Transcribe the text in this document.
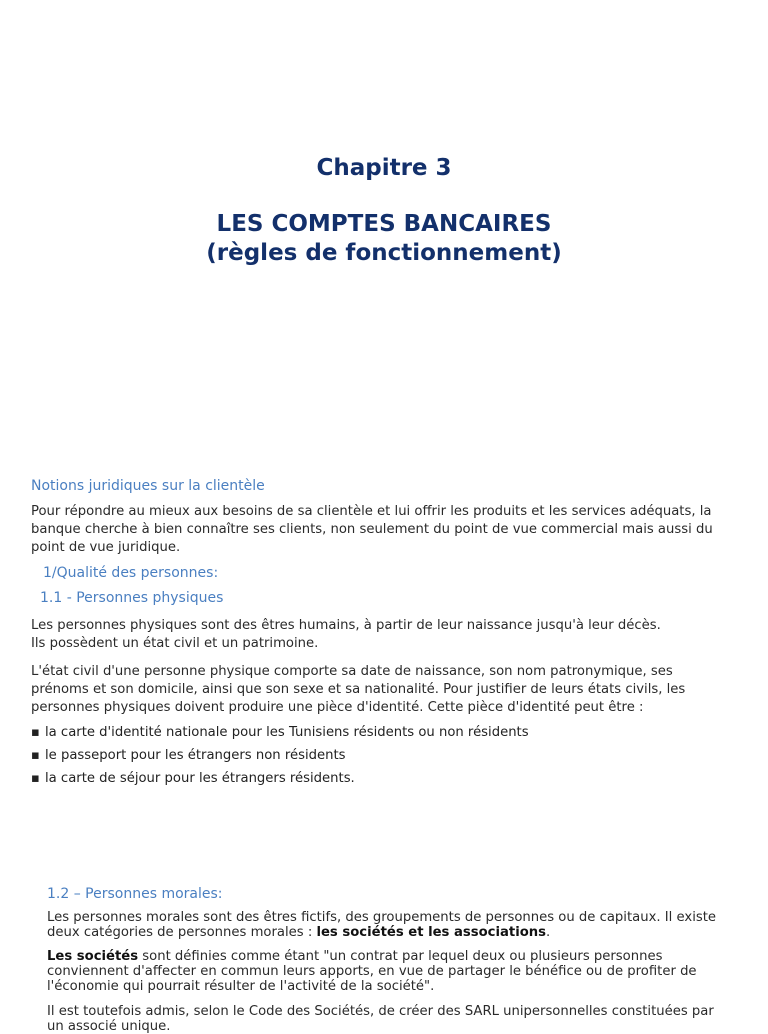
Chapitre 3
LES COMPTES BANCAIRES
(règles de fonctionnement)
Notions juridiques sur la clientèle
Pour répondre au mieux aux besoins de sa clientèle et lui offrir les produits et les services adéquats, la banque cherche à bien connaître ses clients, non seulement du point de vue commercial mais aussi du point de vue juridique.
1/Qualité des personnes:
1.1 - Personnes physiques
Les personnes physiques sont des êtres humains, à partir de leur naissance jusqu'à leur décès. Ils possèdent un état civil et un patrimoine.
L'état civil d'une personne physique comporte sa date de naissance, son nom patronymique, ses prénoms et son domicile, ainsi que son sexe et sa nationalité. Pour justifier de leurs états civils, les personnes physiques doivent produire une pièce d'identité. Cette pièce d'identité peut être :
▪ la carte d'identité nationale pour les Tunisiens résidents ou non résidents
▪ le passeport pour les étrangers non résidents
▪ la carte de séjour pour les étrangers résidents.
1.2 – Personnes morales:
Les personnes morales sont des êtres fictifs, des groupements de personnes ou de capitaux. Il existe deux catégories de personnes morales : les sociétés et les associations.
Les sociétés sont définies comme étant "un contrat par lequel deux ou plusieurs personnes conviennent d'affecter en commun leurs apports, en vue de partager le bénéfice ou de profiter de l'économie qui pourrait résulter de l'activité de la société".
Il est toutefois admis, selon le Code des Sociétés, de créer des SARL unipersonnelles constituées par un associé unique.
